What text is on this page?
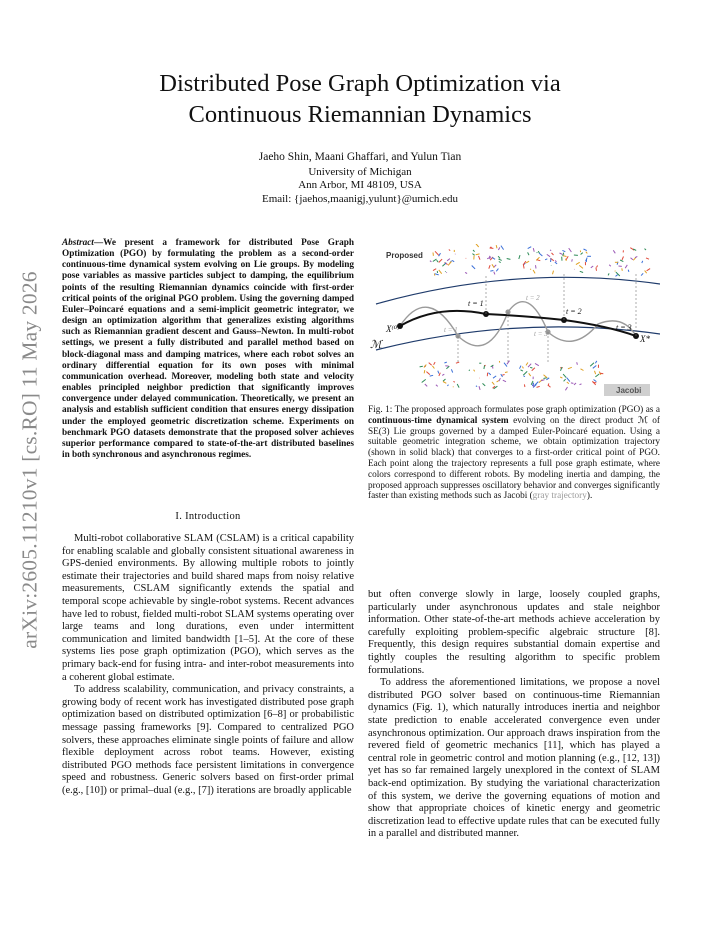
arXiv:2605.11210v1 [cs.RO] 11 May 2026
Distributed Pose Graph Optimization via
Continuous Riemannian Dynamics
Jaeho Shin, Maani Ghaffari, and Yulun Tian
University of Michigan
Ann Arbor, MI 48109, USA
Email: {jaehos,maanigj,yulunt}@umich.edu
Abstract—We present a framework for distributed Pose Graph Optimization (PGO) by formulating the problem as a second-order continuous-time dynamical system evolving on Lie groups. By modeling pose variables as massive particles subject to damping, the equilibrium points of the resulting Riemannian dynamics coincide with first-order critical points of the original PGO problem. Using the governing damped Euler–Poincaré equations and a semi-implicit geometric integrator, we design an optimization algorithm that generalizes existing algorithms such as Riemannian gradient descent and Gauss–Newton. In multi-robot settings, we present a fully distributed and parallel method based on block-diagonal mass and damping matrices, where each robot solves an ordinary differential equation for its own poses with minimal communication overhead. Moreover, modeling both state and velocity enables principled neighbor prediction that significantly improves convergence under delayed communication. Theoretically, we present an analysis and establish sufficient condition that ensures energy dissipation under the employed geometric discretization scheme. Experiments on benchmark PGO datasets demonstrate that the proposed solver achieves superior performance compared to state-of-the-art distributed baselines in both synchronous and asynchronous regimes.
I. Introduction

Multi-robot collaborative SLAM (CSLAM) is a critical capability for enabling scalable and globally consistent situational awareness in GPS-denied environments. By allowing multiple robots to jointly estimate their trajectories and build shared maps from noisy relative measurements, CSLAM significantly extends the spatial and temporal scope achievable by single-robot systems. Recent advances have led to robust, fielded multi-robot SLAM systems operating over large teams and long durations, even under intermittent communication and limited bandwidth [1–5]. At the core of these systems lies pose graph optimization (PGO), which serves as the primary back-end for fusing intra- and inter-robot measurements into a coherent global estimate.

To address scalability, communication, and privacy constraints, a growing body of recent work has investigated distributed pose graph optimization based on distributed optimization [6–8] or probabilistic message passing frameworks [9]. Compared to centralized PGO solvers, these approaches eliminate single points of failure and allow flexible deployment across robot teams. However, existing distributed PGO methods face persistent limitations in convergence speed and robustness. Generic solvers based on first-order primal (e.g., [10]) or primal–dual (e.g., [7]) iterations are broadly applicable

X⁽⁰⁾
X*
ℳ
t = 1
t = 2
t = 3
t = 1
t = 2
t = 3
Proposed
Jacobi
Fig. 1: The proposed approach formulates pose graph optimization (PGO) as a continuous-time dynamical system evolving on the direct product ℳ of SE(3) Lie groups governed by a damped Euler-Poincaré equation. Using a suitable geometric integration scheme, we obtain optimization trajectory (shown in solid black) that converges to a first-order critical point of PGO. Each point along the trajectory represents a full pose graph estimate, where colors correspond to different robots. By modeling inertia and damping, the proposed approach suppresses oscillatory behavior and converges significantly faster than existing methods such as Jacobi (gray trajectory).

but often converge slowly in large, loosely coupled graphs, particularly under asynchronous updates and stale neighbor information. Other state-of-the-art methods achieve acceleration by carefully exploiting problem-specific algebraic structure [8]. Frequently, this design requires substantial domain expertise and tightly couples the resulting algorithm to specific problem formulations.

To address the aforementioned limitations, we propose a novel distributed PGO solver based on continuous-time Riemannian dynamics (Fig. 1), which naturally introduces inertia and neighbor state prediction to enable accelerated convergence even under asynchronous optimization. Our approach draws inspiration from the revered field of geometric mechanics [11], which has played a central role in geometric control and motion planning (e.g., [12, 13]) yet has so far remained largely unexplored in the context of SLAM back-end optimization. By studying the variational characterization of this system, we derive the governing equations of motion and show that appropriate choices of kinetic energy and geometric discretization lead to effective update rules that can be executed fully in a parallel and distributed manner.
